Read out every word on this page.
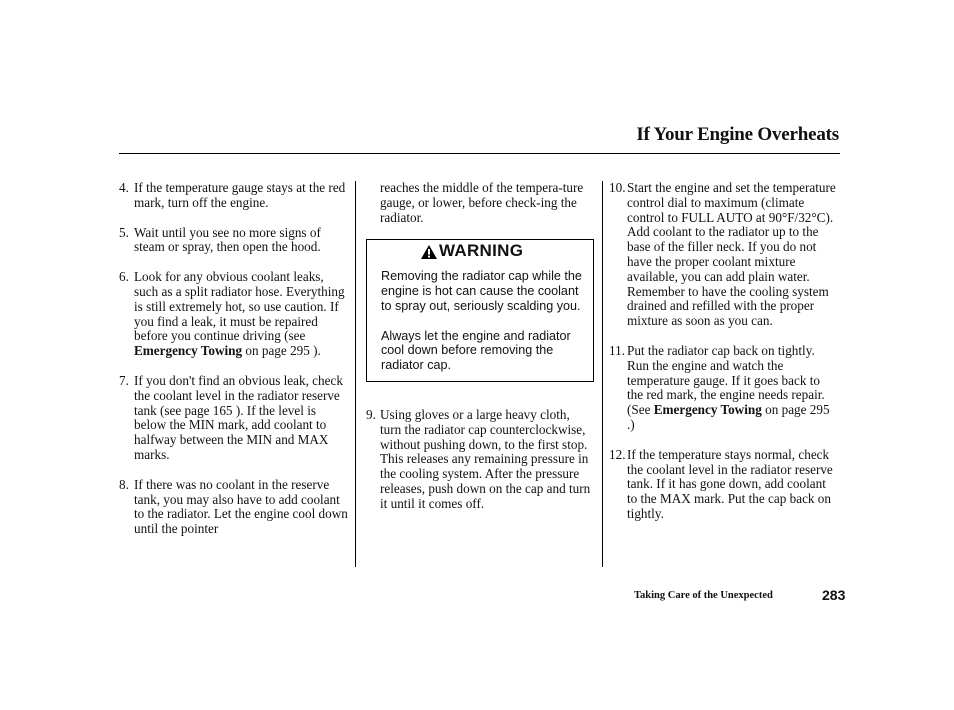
If Your Engine Overheats
4. If the temperature gauge stays at the red mark, turn off the engine.
5. Wait until you see no more signs of steam or spray, then open the hood.
6. Look for any obvious coolant leaks, such as a split radiator hose. Everything is still extremely hot, so use caution. If you find a leak, it must be repaired before you continue driving (see Emergency Towing on page 295 ).
7. If you don't find an obvious leak, check the coolant level in the radiator reserve tank (see page 165 ). If the level is below the MIN mark, add coolant to halfway between the MIN and MAX marks.
8. If there was no coolant in the reserve tank, you may also have to add coolant to the radiator. Let the engine cool down until the pointer
reaches the middle of the tempera-ture gauge, or lower, before check-ing the radiator.
WARNING

Removing the radiator cap while the engine is hot can cause the coolant to spray out, seriously scalding you.

Always let the engine and radiator cool down before removing the radiator cap.

9. Using gloves or a large heavy cloth, turn the radiator cap counterclockwise, without pushing down, to the first stop. This releases any remaining pressure in the cooling system. After the pressure releases, push down on the cap and turn it until it comes off.
10. Start the engine and set the temperature control dial to maximum (climate control to FULL AUTO at 90°F/32°C). Add coolant to the radiator up to the base of the filler neck. If you do not have the proper coolant mixture available, you can add plain water. Remember to have the cooling system drained and refilled with the proper mixture as soon as you can.
11. Put the radiator cap back on tightly. Run the engine and watch the temperature gauge. If it goes back to the red mark, the engine needs repair. (See Emergency Towing on page 295 .)
12. If the temperature stays normal, check the coolant level in the radiator reserve tank. If it has gone down, add coolant to the MAX mark. Put the cap back on tightly.
Taking Care of the Unexpected	283
